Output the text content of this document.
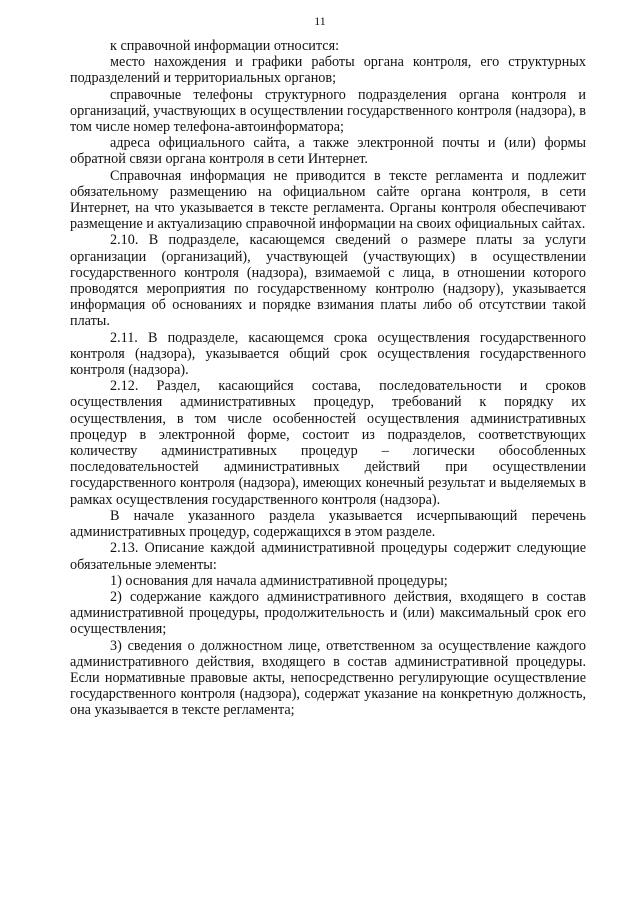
11

к справочной информации относится:

место нахождения и графики работы органа контроля, его структурных подразделений и территориальных органов;

справочные телефоны структурного подразделения органа контроля и организаций, участвующих в осуществлении государственного контроля (надзора), в том числе номер телефона-автоинформатора;

адреса официального сайта, а также электронной почты и (или) формы обратной связи органа контроля в сети Интернет.

Справочная информация не приводится в тексте регламента и подлежит обязательному размещению на официальном сайте органа контроля, в сети Интернет, на что указывается в тексте регламента. Органы контроля обеспечивают размещение и актуализацию справочной информации на своих официальных сайтах.

2.10. В подразделе, касающемся сведений о размере платы за услуги организации (организаций), участвующей (участвующих) в осуществлении государственного контроля (надзора), взимаемой с лица, в отношении которого проводятся мероприятия по государственному контролю (надзору), указывается информация об основаниях и порядке взимания платы либо об отсутствии такой платы.

2.11. В подразделе, касающемся срока осуществления государственного контроля (надзора), указывается общий срок осуществления государственного контроля (надзора).

2.12. Раздел, касающийся состава, последовательности и сроков осуществления административных процедур, требований к порядку их осуществления, в том числе особенностей осуществления административных процедур в электронной форме, состоит из подразделов, соответствующих количеству административных процедур – логически обособленных последовательностей административных действий при осуществлении государственного контроля (надзора), имеющих конечный результат и выделяемых в рамках осуществления государственного контроля (надзора).

В начале указанного раздела указывается исчерпывающий перечень административных процедур, содержащихся в этом разделе.

2.13. Описание каждой административной процедуры содержит следующие обязательные элементы:

1) основания для начала административной процедуры;

2) содержание каждого административного действия, входящего в состав административной процедуры, продолжительность и (или) максимальный срок его осуществления;

3) сведения о должностном лице, ответственном за осуществление каждого административного действия, входящего в состав административной процедуры. Если нормативные правовые акты, непосредственно регулирующие осуществление государственного контроля (надзора), содержат указание на конкретную должность, она указывается в тексте регламента;
